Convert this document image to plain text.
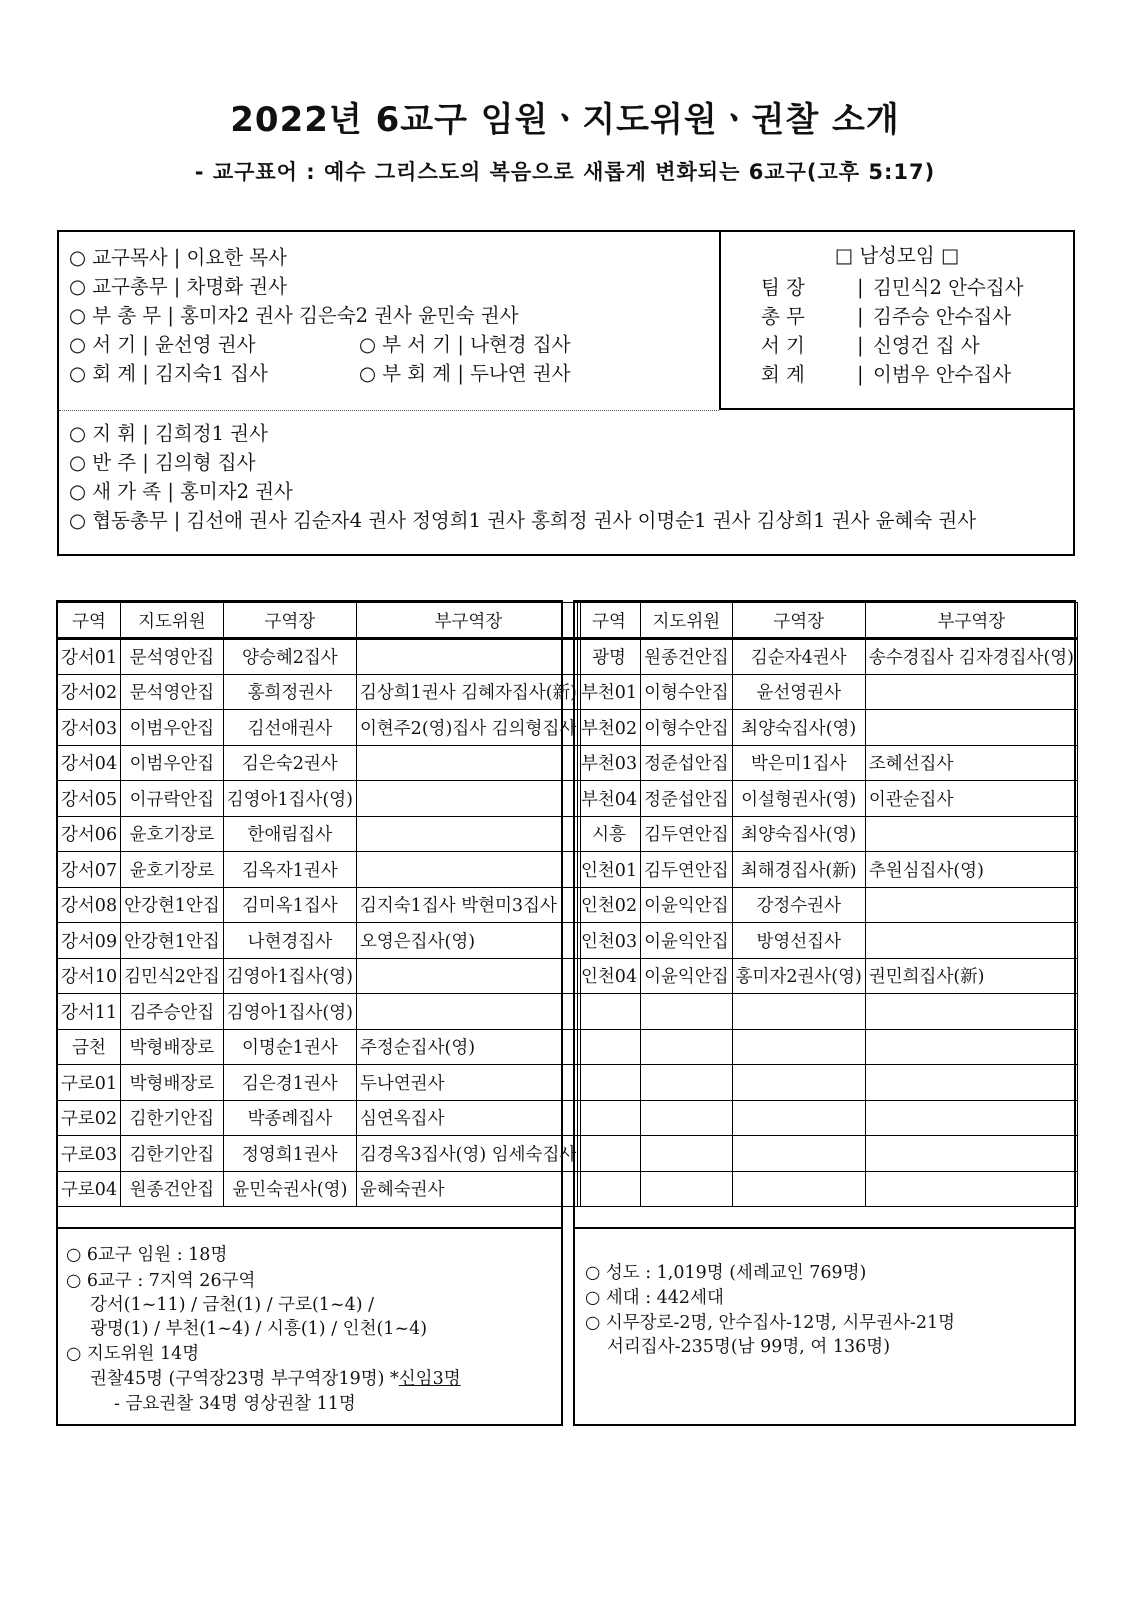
2022년 6교구 임원ㆍ지도위원ㆍ권찰 소개
- 교구표어 : 예수 그리스도의 복음으로 새롭게 변화되는 6교구(고후 5:17)
○ 교구목사 | 이요한 목사
○ 교구총무 | 차명화 권사
○ 부 총 무 | 홍미자2 권사 김은숙2 권사 윤민숙 권사
○ 서 기 | 윤선영 권사
○ 회 계 | 김지숙1 집사
○ 부 서 기 | 나현경 집사
○ 부 회 계 | 두나연 권사
○ 지 휘 | 김희정1 권사
○ 반 주 | 김의형 집사
○ 새 가 족 | 홍미자2 권사
○ 협동총무 | 김선애 권사 김순자4 권사 정영희1 권사 홍희정 권사 이명순1 권사 김상희1 권사 윤혜숙 권사
□ 남성모임 □
팀 장	| 김민식2 안수집사
총 무	| 김주승 안수집사
서 기	| 신영건 집 사
회 계	| 이범우 안수집사
구역	지도위원	구역장	부구역장
강서01	문석영안집	양승혜2집사	
강서02	문석영안집	홍희정권사	김상희1권사 김혜자집사(新)
강서03	이범우안집	김선애권사	이현주2(영)집사 김의형집사
강서04	이범우안집	김은숙2권사	
강서05	이규락안집	김영아1집사(영)	
강서06	윤호기장로	한애림집사	
강서07	윤호기장로	김옥자1권사	
강서08	안강현1안집	김미옥1집사	김지숙1집사 박현미3집사
강서09	안강현1안집	나현경집사	오영은집사(영)
강서10	김민식2안집	김영아1집사(영)	
강서11	김주승안집	김영아1집사(영)	
금천	박형배장로	이명순1권사	주정순집사(영)
구로01	박형배장로	김은경1권사	두나연권사
구로02	김한기안집	박종례집사	심연옥집사
구로03	김한기안집	정영희1권사	김경옥3집사(영) 임세숙집사
구로04	원종건안집	윤민숙권사(영)	윤혜숙권사
구역	지도위원	구역장	부구역장
광명	원종건안집	김순자4권사	송수경집사 김자경집사(영)
부천01	이형수안집	윤선영권사	
부천02	이형수안집	최양숙집사(영)	
부천03	정준섭안집	박은미1집사	조혜선집사
부천04	정준섭안집	이설형권사(영)	이관순집사
시흥	김두연안집	최양숙집사(영)	
인천01	김두연안집	최해경집사(新)	추원심집사(영)
인천02	이윤익안집	강정수권사	
인천03	이윤익안집	방영선집사	
인천04	이윤익안집	홍미자2권사(영)	권민희집사(新)

○ 6교구 임원 : 18명
○ 6교구 : 7지역 26구역
강서(1~11) / 금천(1) / 구로(1~4) /
광명(1) / 부천(1~4) / 시흥(1) / 인천(1~4)
○ 지도위원 14명
권찰45명 (구역장23명 부구역장19명) *신임3명
- 금요권찰 34명 영상권찰 11명
○ 성도 : 1,019명 (세례교인 769명)
○ 세대 : 442세대
○ 시무장로-2명, 안수집사-12명, 시무권사-21명
서리집사-235명(남 99명, 여 136명)
